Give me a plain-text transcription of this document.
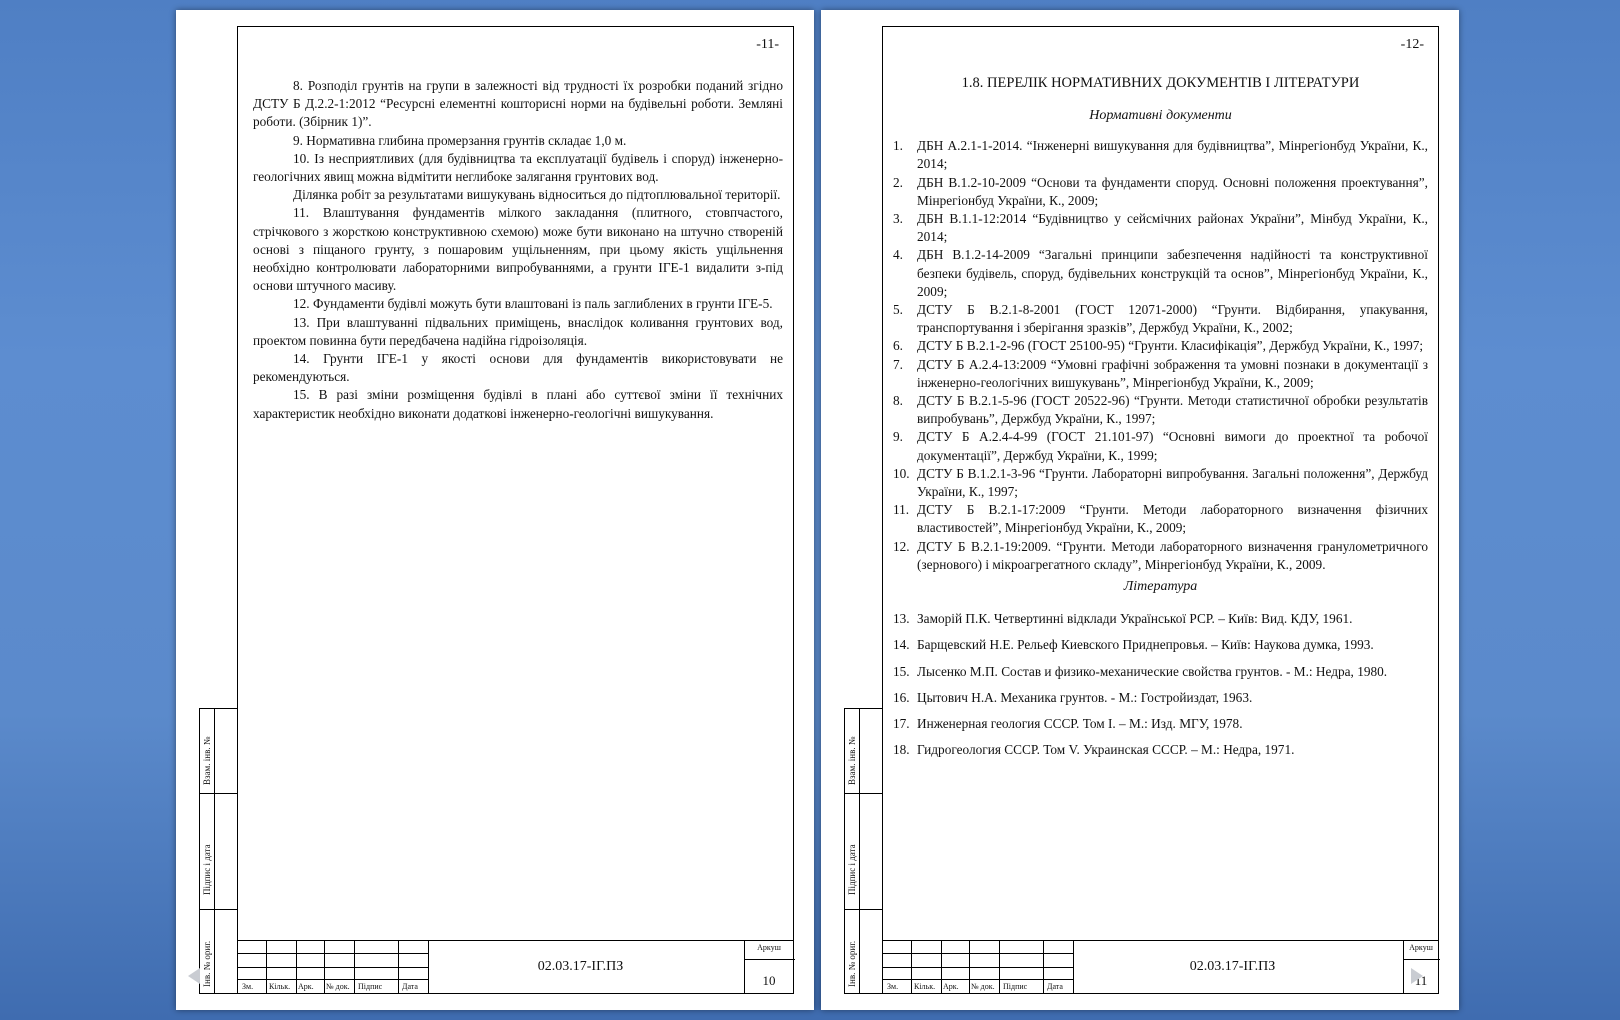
-11-

8. Розподіл грунтів на групи в залежності від трудності їх розробки поданий згідно ДСТУ Б Д.2.2-1:2012 “Ресурсні елементні кошторисні норми на будівельні роботи. Земляні роботи. (Збірник 1)”.

9. Нормативна глибина промерзання грунтів складає 1,0 м.

10. Із несприятливих (для будівництва та експлуатації будівель і споруд) інженерно-геологічних явищ можна відмітити неглибоке залягання грунтових вод.

Ділянка робіт за результатами вишукувань відноситься до підтоплювальної території.

11. Влаштування фундаментів мілкого закладання (плитного, стовпчастого, стрічкового з жорсткою конструктивною схемою) може бути виконано на штучно створеній основі з піщаного грунту, з пошаровим ущільненням, при цьому якість ущільнення необхідно контролювати лабораторними випробуваннями, а грунти ІГЕ-1 видалити з-під основи штучного масиву.

12. Фундаменти будівлі можуть бути влаштовані із паль заглиблених в грунти ІГЕ-5.

13. При влаштуванні підвальних приміщень, внаслідок коливання грунтових вод, проектом повинна бути передбачена надійна гідроізоляція.

14. Грунти ІГЕ-1 у якості основи для фундаментів використовувати не рекомендуються.

15. В разі зміни розміщення будівлі в плані або суттєвої зміни її технічних характеристик необхідно виконати додаткові інженерно-геологічні вишукування.

Взам. інв. №
Підпис і дата
Інв. № ориг.	Зм. Кільк. Арк. № док. Підпис Дата
02.03.17-ІГ.ПЗ
Аркуш
10
-12-
1.8. ПЕРЕЛІК НОРМАТИВНИХ ДОКУМЕНТІВ І ЛІТЕРАТУРИ

Нормативні документи

1.	ДБН А.2.1-1-2014. “Інженерні вишукування для будівництва”, Мінрегіонбуд України, К., 2014;
2.	ДБН В.1.2-10-2009 “Основи та фундаменти споруд. Основні положення проектування”, Мінрегіонбуд України, К., 2009;
3.	ДБН В.1.1-12:2014 “Будівництво у сейсмічних районах України”, Мінбуд України, К., 2014;
4.	ДБН В.1.2-14-2009 “Загальні принципи забезпечення надійності та конструктивної безпеки будівель, споруд, будівельних конструкцій та основ”, Мінрегіонбуд України, К., 2009;
5.	ДСТУ Б В.2.1-8-2001 (ГОСТ 12071-2000) “Грунти. Відбирання, упакування, транспортування і зберігання зразків”, Держбуд України, К., 2002;
6.	ДСТУ Б В.2.1-2-96 (ГОСТ 25100-95) “Грунти. Класифікація”, Держбуд України, К., 1997;
7.	ДСТУ Б А.2.4-13:2009 “Умовні графічні зображення та умовні познаки в документації з інженерно-геологічних вишукувань”, Мінрегіонбуд України, К., 2009;
8.	ДСТУ Б В.2.1-5-96 (ГОСТ 20522-96) “Грунти. Методи статистичної обробки результатів випробувань”, Держбуд України, К., 1997;
9.	ДСТУ Б А.2.4-4-99 (ГОСТ 21.101-97) “Основні вимоги до проектної та робочої документації”, Держбуд України, К., 1999;
10. ДСТУ Б В.1.2.1-3-96 “Грунти. Лабораторні випробування. Загальні положення”, Держбуд України, К., 1997;
11. ДСТУ Б В.2.1-17:2009 “Грунти. Методи лабораторного визначення фізичних властивостей”, Мінрегіонбуд України, К., 2009;
12. ДСТУ Б В.2.1-19:2009. “Грунти. Методи лабораторного визначення гранулометричного (зернового) і мікроагрегатного складу”, Мінрегіонбуд України, К., 2009.

Література

13. Заморій П.К. Четвертинні відклади Української РСР. – Київ: Вид. КДУ, 1961.
14. Барщевский Н.Е. Рельеф Киевского Приднепровья. – Київ: Наукова думка, 1993.
15. Лысенко М.П. Состав и физико-механические свойства грунтов. - М.: Недра, 1980.
16. Цытович Н.А. Механика грунтов. - М.: Гостройиздат, 1963.
17. Инженерная геология СССР. Том I. – М.: Изд. МГУ, 1978.
18. Гидрогеология СССР. Том V. Украинская СССР. – М.: Недра, 1971.
Взам. інв. №
Підпис і дата
Інв. № ориг.	Зм. Кільк. Арк. № док. Підпис Дата
02.03.17-ІГ.ПЗ
Аркуш
11
